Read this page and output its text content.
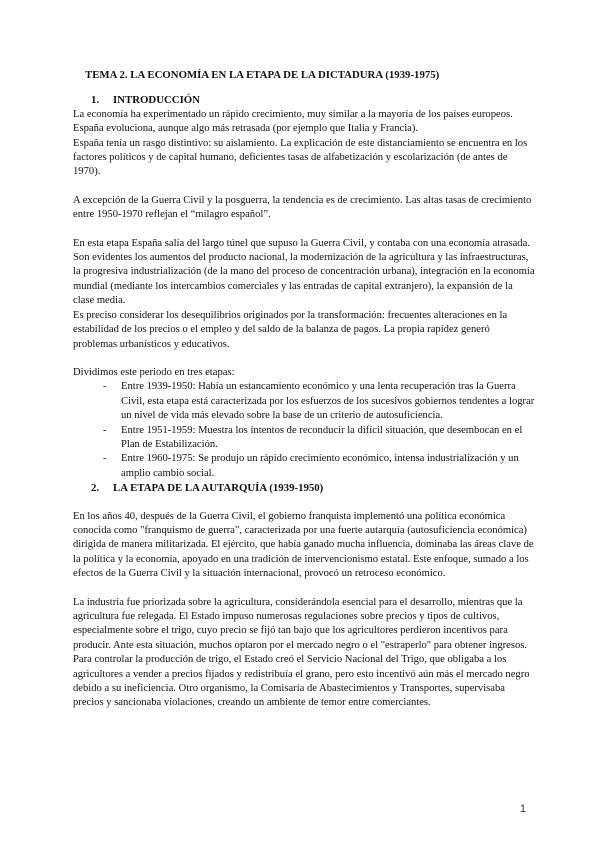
TEMA 2. LA ECONOMÍA EN LA ETAPA DE LA DICTADURA (1939-1975)
1. INTRODUCCIÓN

La economía ha experimentado un rápido crecimiento, muy similar a la mayoría de los países europeos. España evoluciona, aunque algo más retrasada (por ejemplo que Italia y Francia).

España tenía un rasgo distintivo: su aislamiento. La explicación de este distanciamiento se encuentra en los factores políticos y de capital humano, deficientes tasas de alfabetización y escolarización (de antes de 1970).

A excepción de la Guerra Civil y la posguerra, la tendencia es de crecimiento. Las altas tasas de crecimiento entre 1950-1970 reflejan el “milagro español”.

En esta etapa España salía del largo túnel que supuso la Guerra Civil, y contaba con una economía atrasada. Son evidentes los aumentos del producto nacional, la modernización de la agricultura y las infraestructuras, la progresiva industrialización (de la mano del proceso de concentración urbana), integración en la economía mundial (mediante los intercambios comerciales y las entradas de capital extranjero), la expansión de la clase media.

Es preciso considerar los desequilibrios originados por la transformación: frecuentes alteraciones en la estabilidad de los precios o el empleo y del saldo de la balanza de pagos. La propia rapidez generó problemas urbanísticos y educativos.

Dividimos este periodo en tres etapas:

- Entre 1939-1950: Había un estancamiento económico y una lenta recuperación tras la Guerra Civil, esta etapa está caracterizada por los esfuerzos de los sucesivos gobiernos tendentes a lograr un nivel de vida más elevado sobre la base de un criterio de autosuficiencia.
- Entre 1951-1959: Muestra los intentos de reconducir la difícil situación, que desembocan en el Plan de Estabilización.
- Entre 1960-1975: Se produjo un rápido crecimiento económico, intensa industrialización y un amplio cambio social.
2. LA ETAPA DE LA AUTARQUÍA (1939-1950)

En los años 40, después de la Guerra Civil, el gobierno franquista implementó una política económica conocida como "franquismo de guerra", caracterizada por una fuerte autarquía (autosuficiencia económica) dirigida de manera militarizada. El ejército, que había ganado mucha influencia, dominaba las áreas clave de la política y la economía, apoyado en una tradición de intervencionismo estatal. Este enfoque, sumado a los efectos de la Guerra Civil y la situación internacional, provocó un retroceso económico.

La industria fue priorizada sobre la agricultura, considerándola esencial para el desarrollo, mientras que la agricultura fue relegada. El Estado impuso numerosas regulaciones sobre precios y tipos de cultivos, especialmente sobre el trigo, cuyo precio se fijó tan bajo que los agricultores perdieron incentivos para producir. Ante esta situación, muchos optaron por el mercado negro o el "estraperlo" para obtener ingresos. Para controlar la producción de trigo, el Estado creó el Servicio Nacional del Trigo, que obligaba a los agricultores a vender a precios fijados y redistribuía el grano, pero esto incentivó aún más el mercado negro debido a su ineficiencia. Otro organismo, la Comisaría de Abastecimientos y Transportes, supervisaba precios y sancionaba violaciones, creando un ambiente de temor entre comerciantes.

1
